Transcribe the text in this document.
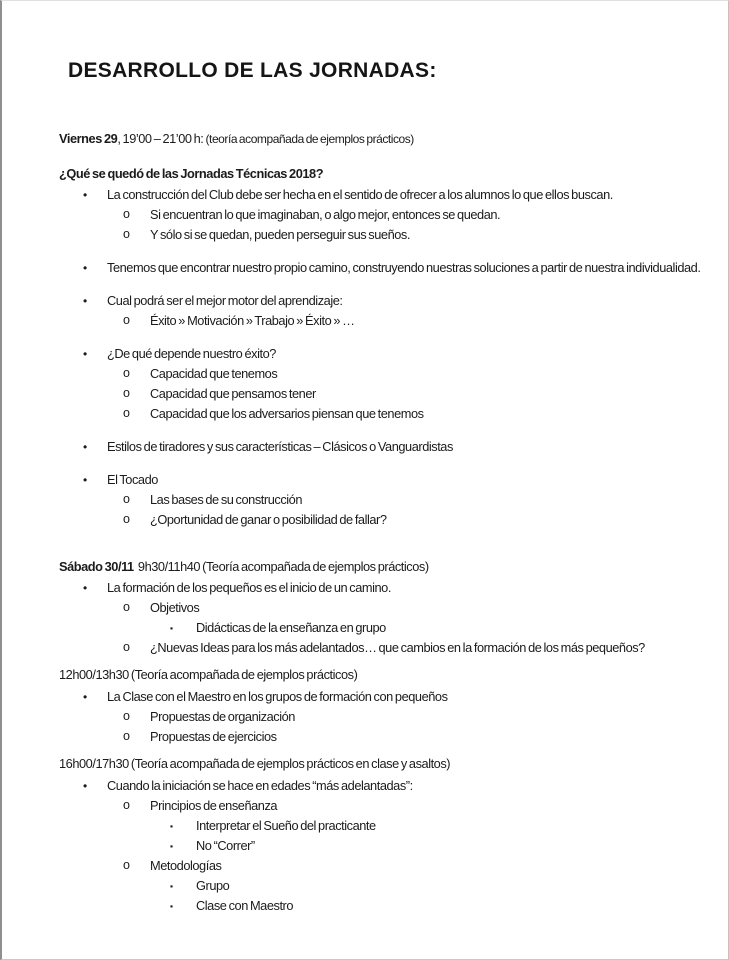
DESARROLLO DE LAS JORNADAS:

Viernes 29, 19’00 – 21’00 h: (teoría acompañada de ejemplos prácticos)

¿Qué se quedó de las Jornadas Técnicas 2018?

•	La construcción del Club debe ser hecha en el sentido de ofrecer a los alumnos lo que ellos buscan.
o	Si encuentran lo que imaginaban, o algo mejor, entonces se quedan.
o	Y sólo si se quedan, pueden perseguir sus sueños.
•	Tenemos que encontrar nuestro propio camino, construyendo nuestras soluciones a partir de nuestra individualidad.
•	Cual podrá ser el mejor motor del aprendizaje:
o	Éxito » Motivación » Trabajo » Éxito » …
•	¿De qué depende nuestro éxito?
o	Capacidad que tenemos
o	Capacidad que pensamos tener
o	Capacidad que los adversarios piensan que tenemos
•	Estilos de tiradores y sus características – Clásicos o Vanguardistas
•	El Tocado
o	Las bases de su construcción
o	¿Oportunidad de ganar o posibilidad de fallar?

Sábado 30/11  9h30/11h40 (Teoría acompañada de ejemplos prácticos)

•	La formación de los pequeños es el inicio de un camino.
o	Objetivos
▪	Didácticas de la enseñanza en grupo
o	¿Nuevas Ideas para los más adelantados… que cambios en la formación de los más pequeños?

12h00/13h30 (Teoría acompañada de ejemplos prácticos)

•	La Clase con el Maestro en los grupos de formación con pequeños
o	Propuestas de organización
o	Propuestas de ejercicios

16h00/17h30 (Teoría acompañada de ejemplos prácticos en clase y asaltos)

•	Cuando la iniciación se hace en edades “más adelantadas”:
o	Principios de enseñanza
▪	Interpretar el Sueño del practicante
▪	No “Correr”
o	Metodologías
▪	Grupo
▪	Clase con Maestro
